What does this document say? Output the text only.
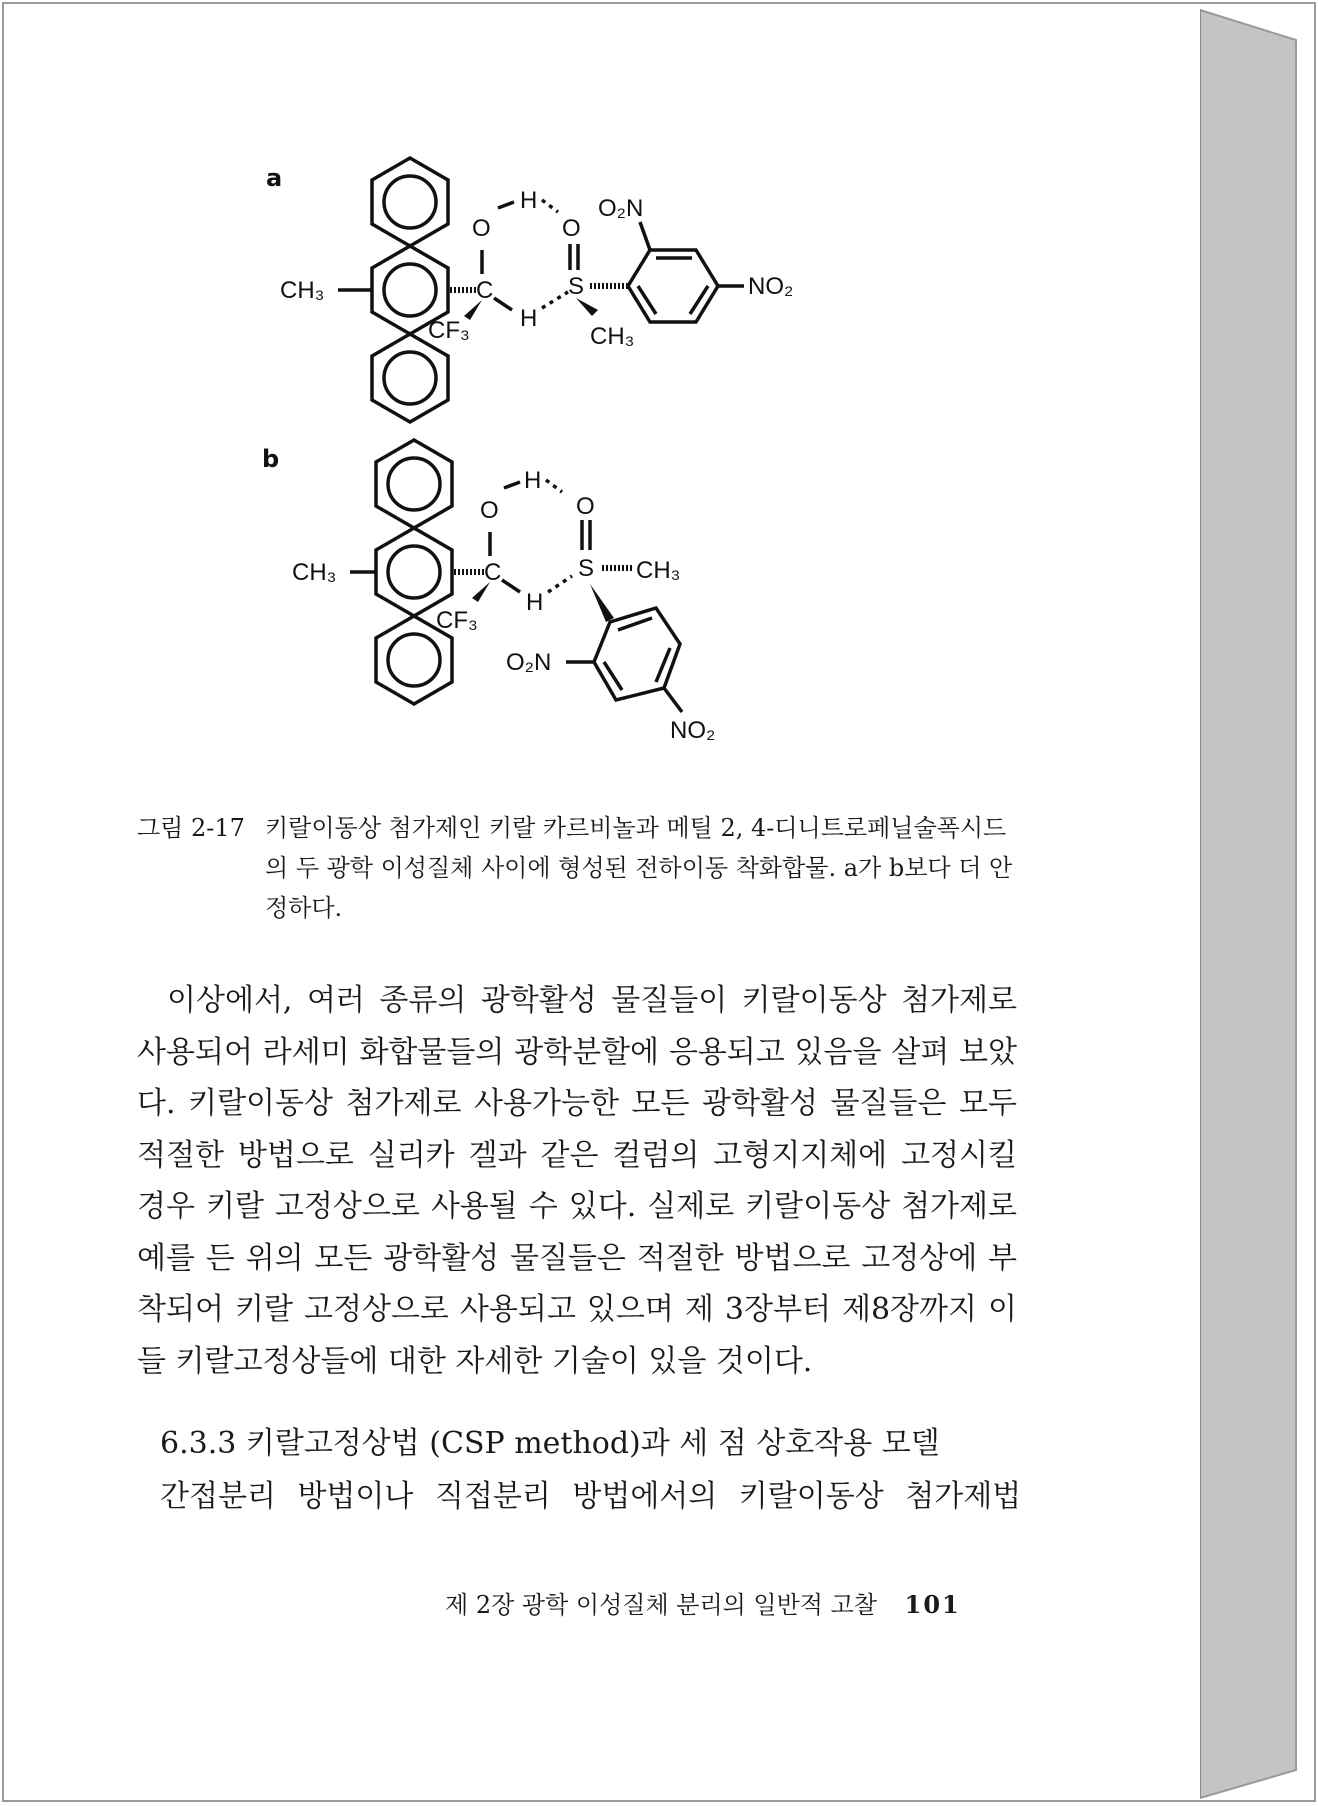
a
b
CH₃
O
H
O
O₂N
C	S
CF₃ H
CH₃
NO₂
CH₃
O
H
O
C	S CH₃
CF₃
H
O₂N
NO₂
그림 2-17 키랄이동상 첨가제인 키랄 카르비놀과 메틸 2, 4-디니트로페닐술폭시드의 두 광학 이성질체 사이에 형성된 전하이동 착화합물. a가 b보다 더 안정하다.

이상에서, 여러 종류의 광학활성 물질들이 키랄이동상 첨가제로 사용되어 라세미 화합물들의 광학분할에 응용되고 있음을 살펴 보았다. 키랄이동상 첨가제로 사용가능한 모든 광학활성 물질들은 모두 적절한 방법으로 실리카 겔과 같은 컬럼의 고형지지체에 고정시킬 경우 키랄 고정상으로 사용될 수 있다. 실제로 키랄이동상 첨가제로 예를 든 위의 모든 광학활성 물질들은 적절한 방법으로 고정상에 부착되어 키랄 고정상으로 사용되고 있으며 제 3장부터 제8장까지 이들 키랄고정상들에 대한 자세한 기술이 있을 것이다.

6.3.3 키랄고정상법 (CSP method)과 세 점 상호작용 모델
간접분리 방법이나 직접분리 방법에서의 키랄이동상 첨가제법
제 2장 광학 이성질체 분리의 일반적 고찰 101
